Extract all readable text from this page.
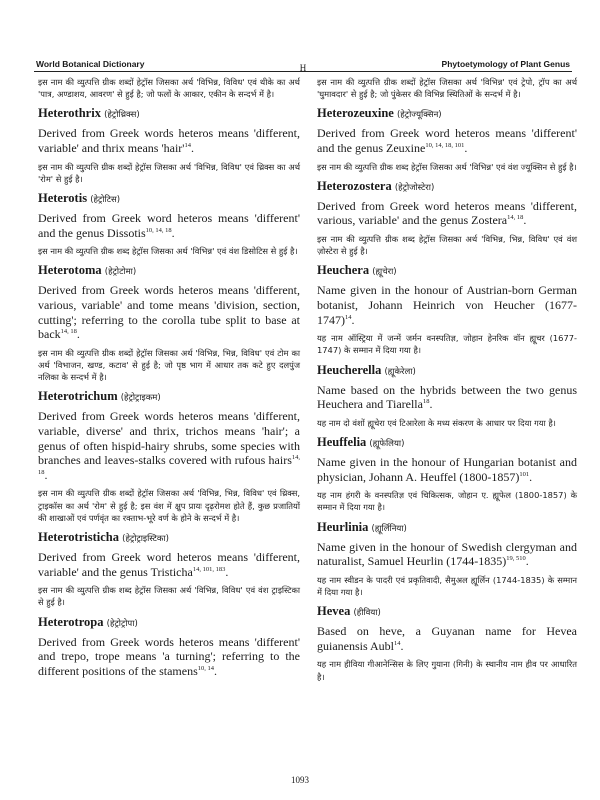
World Botanical Dictionary	H	Phytoetymology of Plant Genus

इस नाम की व्युत्पत्ति ग्रीक शब्दों हेट्रॉस जिसका अर्थ 'विभिन्न, विविध' एवं थीके का अर्थ 'पात्र, अण्डाशय, आवरण' से हुई है; जो फलों के आकार, एकीन के सन्दर्भ में है।

Heterothrix (हेट्रोथ्रिक्स)

Derived from Greek words heteros means 'different, variable' and thrix means '$hair'^{14}$.

इस नाम की व्युत्पत्ति ग्रीक शब्दों हेट्रॉस जिसका अर्थ 'विभिन्न, विविध' एवं थ्रिक्स का अर्थ 'रोम' से हुई है।

Heterotis (हेट्रोटिस)

Derived from Greek word heteros means 'different' and the genus Dissotis$^{10, 14, 18}$.

इस नाम की व्युत्पत्ति ग्रीक शब्द हेट्रॉस जिसका अर्थ 'विभिन्न' एवं वंश डिसोटिस से हुई है।

Heterotoma (हेट्रोटोमा)

Derived from Greek words heteros means 'different, various, variable' and tome means 'division, section, cutting'; referring to the corolla tube split to base at back$^{14, 18}$.

इस नाम की व्युत्पत्ति ग्रीक शब्दों हेट्रॉस जिसका अर्थ 'विभिन्न, भिन्न, विविध' एवं टोम का अर्थ 'विभाजन, खण्ड, कटाव' से हुई है; जो पृष्ठ भाग में आधार तक कटे हुए दलपुंज नलिका के सन्दर्भ में है।

Heterotrichum (हेट्रोट्राइकम)

Derived from Greek words heteros means 'different, variable, diverse' and thrix, trichos means 'hair'; a genus of often hispid-hairy shrubs, some species with branches and leaves-stalks covered with rufous hairs$^{14, 18}$.

इस नाम की व्युत्पत्ति ग्रीक शब्दों हेट्रॉस जिसका अर्थ 'विभिन्न, भिन्न, विविध' एवं थ्रिक्स, ट्राइकॉस का अर्थ 'रोम' से हुई है; इस वंश में क्षुप प्रायः दृढ़रोमश होते हैं, कुछ प्रजातियों की शाखाओं एवं पर्णवृंत का रक्ताभ-भूरे वर्ण के होने के सन्दर्भ में है।

Heterotristicha (हेट्रोट्राइस्टिका)

Derived from Greek word heteros means 'different, variable' and the genus Tristicha$^{14, 101, 183}$.

इस नाम की व्युत्पत्ति ग्रीक शब्द हेट्रॉस जिसका अर्थ 'विभिन्न, विविध' एवं वंश ट्राइस्टिका से हुई है।

Heterotropa (हेट्रोट्रोपा)

Derived from Greek words heteros means 'different' and trepo, trope means 'a turning'; referring to the different positions of the stamens$^{10, 14}$.

इस नाम की व्युत्पत्ति ग्रीक शब्दों हेट्रॉस जिसका अर्थ 'विभिन्न' एवं ट्रेपो, ट्रॉप का अर्थ 'घुमावदार' से हुई है; जो पुंकेसर की विभिन्न स्थितिओं के सन्दर्भ में है।

Heterozeuxine (हेट्रोज्यूक्सिन)

Derived from Greek word heteros means 'different' and the genus Zeuxine$^{10, 14, 18, 101}$.

इस नाम की व्युत्पत्ति ग्रीक शब्द हेट्रॉस जिसका अर्थ 'विभिन्न' एवं वंश ज्यूक्सिन से हुई है।

Heterozostera (हेट्रोजोस्टेरा)

Derived from Greek word heteros means 'different, various, variable' and the genus Zostera$^{14, 18}$.

इस नाम की व्युत्पत्ति ग्रीक शब्द हेट्रॉस जिसका अर्थ 'विभिन्न, भिन्न, विविध' एवं वंश ज़ोस्टेरा से हुई है।

Heuchera (ह्यूचेरा)

Name given in the honour of Austrian-born German botanist, Johann Heinrich von Heucher (1677-1747)$^{14}$.

यह नाम ऑस्ट्रिया में जन्में जर्मन वनस्पतिज्ञ, जोहान हेनरिक वॉन ह्यूचर (1677-1747) के सम्मान में दिया गया है।

Heucherella (ह्यूकेरेला)

Name based on the hybrids between the two genus Heuchera and Tiarella$^{18}$.

यह नाम दो वंशों ह्यूचेरा एवं टिआरेला के मध्य संकरण के आधार पर दिया गया है।

Heuffelia (ह्यूफेलिया)

Name given in the honour of Hungarian botanist and physician, Johann A. Heuffel (1800-1857)$^{101}$.

यह नाम हंगरी के वनस्पतिज्ञ एवं चिकित्सक, जोहान ए. ह्यूफेल (1800-1857) के सम्मान में दिया गया है।

Heurlinia (ह्यूर्लिनिया)

Name given in the honour of Swedish clergyman and naturalist, Samuel Heurlin (1744-1835)$^{19, 510}$.

यह नाम स्वीडन के पादरी एवं प्रकृतिवादी, सैमुअल ह्यूर्लिन (1744-1835) के सम्मान में दिया गया है।

Hevea (हीविया)

Based on heve, a Guyanan name for Hevea guianensis Aubl$^{14}$.

यह नाम हीविया गीआनेन्सिस के लिए गुयाना (गिनी) के स्थानीय नाम हीव पर आधारित है।

1093
